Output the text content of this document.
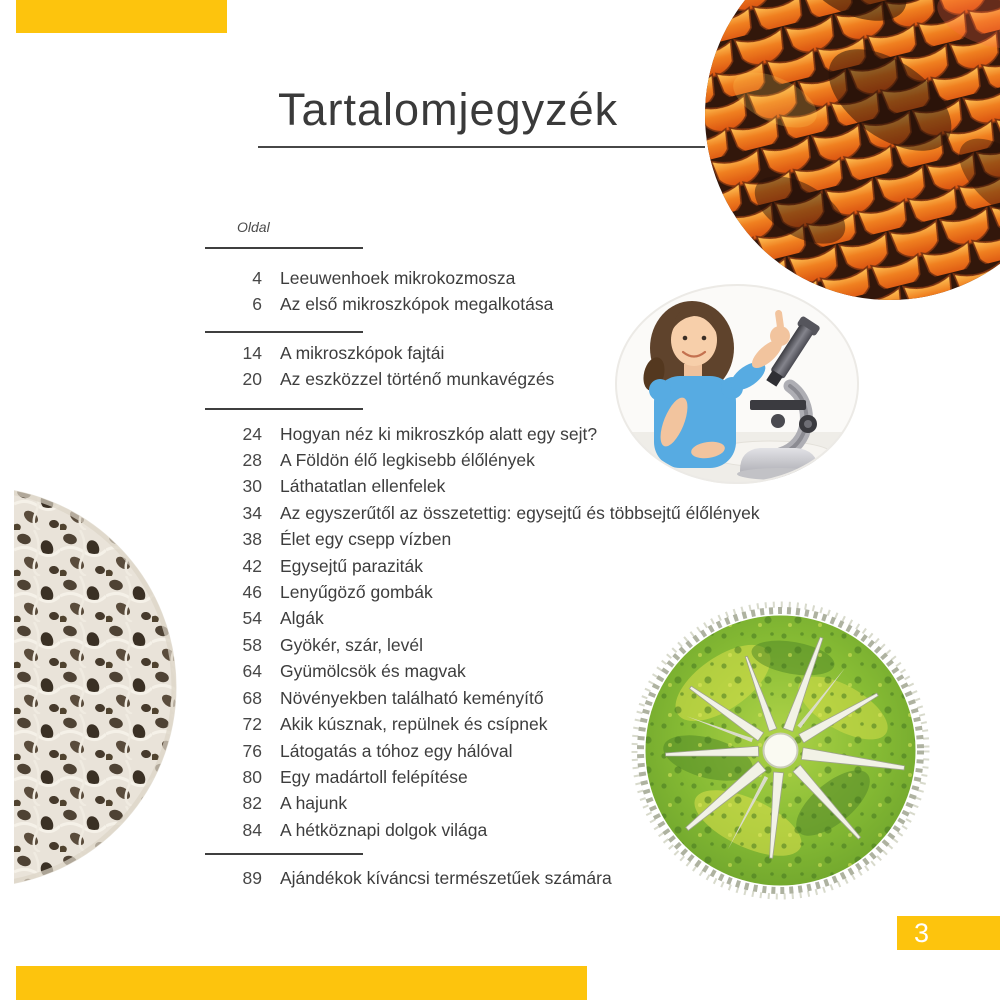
Tartalomjegyzék
Oldal
4 Leeuwenhoek mikrokozmosza
6 Az első mikroszkópok megalkotása
14 A mikroszkópok fajtái
20 Az eszközzel történő munkavégzés
24 Hogyan néz ki mikroszkóp alatt egy sejt?
28 A Földön élő legkisebb élőlények
30 Láthatatlan ellenfelek
34 Az egyszerűtől az összetettig: egysejtű és többsejtű élőlények
38 Élet egy csepp vízben
42 Egysejtű paraziták
46 Lenyűgöző gombák
54 Algák
58 Gyökér, szár, levél
64 Gyümölcsök és magvak
68 Növényekben található keményítő
72 Akik kúsznak, repülnek és csípnek
76 Látogatás a tóhoz egy hálóval
80 Egy madártoll felépítése
82 A hajunk
84 A hétköznapi dolgok világa
89 Ajándékok kíváncsi természetűek számára
3
